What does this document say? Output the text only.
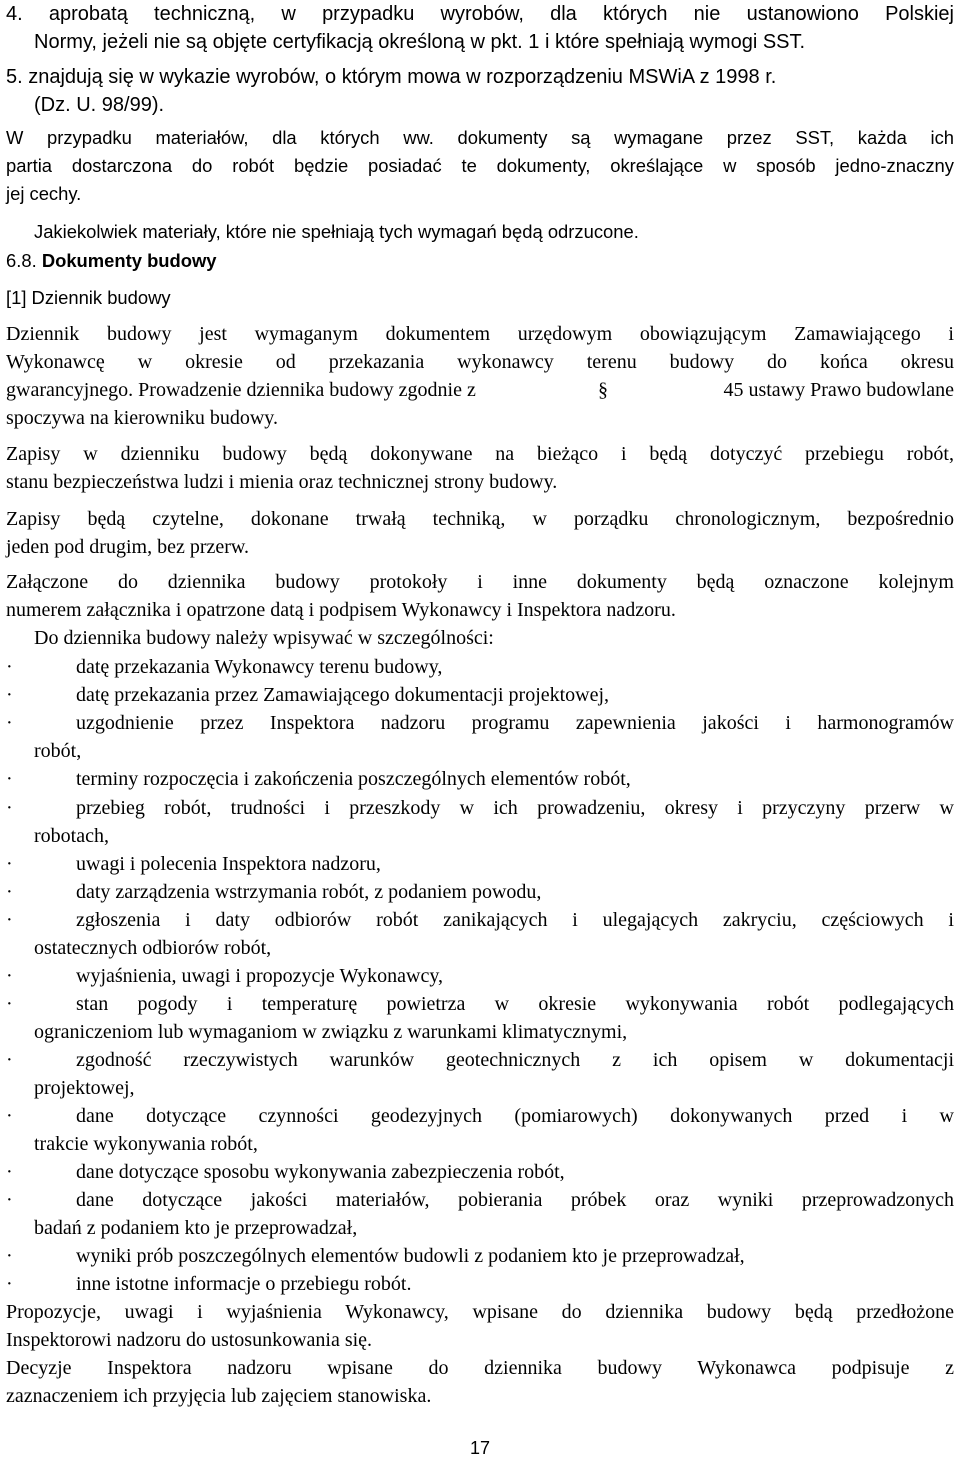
4. aprobatą techniczną, w przypadku wyrobów, dla których nie ustanowiono Polskiej
Normy, jeżeli nie są objęte certyfikacją określoną w pkt. 1 i które spełniają wymogi SST.
5. znajdują się w wykazie wyrobów, o którym mowa w rozporządzeniu MSWiA z 1998 r.
(Dz. U. 98/99).
W przypadku materiałów, dla których ww. dokumenty są wymagane przez SST, każda ich
partia dostarczona do robót będzie posiadać te dokumenty, określające w sposób jedno-znaczny
jej cechy.
Jakiekolwiek materiały, które nie spełniają tych wymagań będą odrzucone.
6.8. Dokumenty budowy
[1] Dziennik budowy
Dziennik budowy jest wymaganym dokumentem urzędowym obowiązującym Zamawiającego i
Wykonawcę w okresie od przekazania wykonawcy terenu budowy do końca okresu
gwarancyjnego. Prowadzenie dziennika budowy zgodnie z	§	45 ustawy Prawo budowlane
spoczywa na kierowniku budowy.
Zapisy w dzienniku budowy będą dokonywane na bieżąco i będą dotyczyć przebiegu robót,
stanu bezpieczeństwa ludzi i mienia oraz technicznej strony budowy.
Zapisy będą czytelne, dokonane trwałą techniką, w porządku chronologicznym, bezpośrednio
jeden pod drugim, bez przerw.
Załączone do dziennika budowy protokoły i inne dokumenty będą oznaczone kolejnym
numerem załącznika i opatrzone datą i podpisem Wykonawcy i Inspektora nadzoru.
Do dziennika budowy należy wpisywać w szczególności:
·	datę przekazania Wykonawcy terenu budowy,
·	datę przekazania przez Zamawiającego dokumentacji projektowej,
·	uzgodnienie przez Inspektora nadzoru programu zapewnienia jakości i harmonogramów
robót,
·	terminy rozpoczęcia i zakończenia poszczególnych elementów robót,
·	przebieg robót, trudności i przeszkody w ich prowadzeniu, okresy i przyczyny przerw w
robotach,
·	uwagi i polecenia Inspektora nadzoru,
·	daty zarządzenia wstrzymania robót, z podaniem powodu,
·	zgłoszenia i daty odbiorów robót zanikających i ulegających zakryciu, częściowych i
ostatecznych odbiorów robót,
·	wyjaśnienia, uwagi i propozycje Wykonawcy,
·	stan pogody i temperaturę powietrza w okresie wykonywania robót podlegających
ograniczeniom lub wymaganiom w związku z warunkami klimatycznymi,
·	zgodność rzeczywistych warunków geotechnicznych z ich opisem w dokumentacji
projektowej,
·	dane dotyczące czynności geodezyjnych (pomiarowych) dokonywanych przed i w
trakcie wykonywania robót,
·	dane dotyczące sposobu wykonywania zabezpieczenia robót,
·	dane dotyczące jakości materiałów, pobierania próbek oraz wyniki przeprowadzonych
badań z podaniem kto je przeprowadzał,
·	wyniki prób poszczególnych elementów budowli z podaniem kto je przeprowadzał,
·	inne istotne informacje o przebiegu robót.
Propozycje, uwagi i wyjaśnienia Wykonawcy, wpisane do dziennika budowy będą przedłożone
Inspektorowi nadzoru do ustosunkowania się.
Decyzje Inspektora nadzoru wpisane do dziennika budowy Wykonawca podpisuje z
zaznaczeniem ich przyjęcia lub zajęciem stanowiska.
17
